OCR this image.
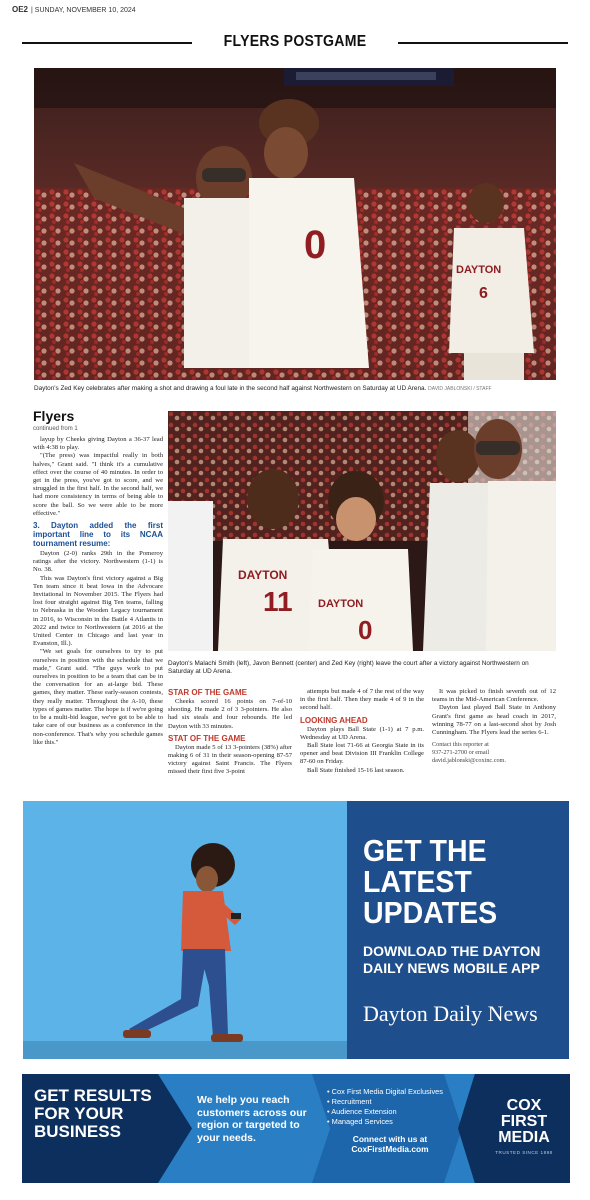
OE2 | SUNDAY, NOVEMBER 10, 2024
FLYERS POSTGAME
0
DAYTON
6
Dayton's Zed Key celebrates after making a shot and drawing a foul late in the second half against Northwestern on Saturday at UD Arena. DAVID JABLONSKI / STAFF
Flyers
continued from 1

layup by Cheeks giving Dayton a 36-37 lead with 4:38 to play.

"(The press) was impactful really in both halves," Grant said. "I think it's a cumulative effect over the course of 40 minutes. In order to get in the press, you've got to score, and we struggled in the first half. In the second half, we had more consistency in terms of being able to score the ball. So we were able to be more effective."

3. Dayton added the first important line to its NCAA tournament resume:

Dayton (2-0) ranks 29th in the Pomeroy ratings after the victory. Northwestern (1-1) is No. 38.

This was Dayton's first victory against a Big Ten team since it beat Iowa in the Advocare Invitational in November 2015. The Flyers had lost four straight against Big Ten teams, falling to Nebraska in the Wooden Legacy tournament in 2016, to Wisconsin in the Battle 4 Atlantis in 2022 and twice to Northwestern (at 2016 at the United Center in Chicago and last year in Evanston, Ill.).

"We set goals for ourselves to try to put ourselves in position with the schedule that we made," Grant said. "The guys work to put ourselves in position to be a team that can be in the conversation for an at-large bid. These games, they matter. These early-season contests, they really matter. Throughout the A-10, these types of games matter. The hope is if we're going to be a multi-bid league, we've got to be able to take care of our business as a conference in the non-conference. That's why you schedule games like this."

DAYTON
11 DAYTON
0
Dayton's Malachi Smith (left), Javon Bennett (center) and Zed Key (right) leave the court after a victory against Northwestern on Saturday at UD Arena.
STAR OF THE GAME

Cheeks scored 16 points on 7-of-10 shooting. He made 2 of 3 3-pointers. He also had six steals and four rebounds. He led Dayton with 33 minutes.

STAT OF THE GAME

Dayton made 5 of 13 3-pointers (38%) after making 6 of 31 in their season-opening 87-57 victory against Saint Francis. The Flyers missed their first five 3-point

attempts but made 4 of 7 the rest of the way in the first half. Then they made 4 of 9 in the second half.

LOOKING AHEAD

Dayton plays Ball State (1-1) at 7 p.m. Wednesday at UD Arena.

Ball State lost 71-66 at Georgia State in its opener and beat Division III Franklin College 87-60 on Friday.

Ball State finished 15-16 last season.

It was picked to finish seventh out of 12 teams in the Mid-American Conference.

Dayton last played Ball State in Anthony Grant's first game as head coach in 2017, winning 78-77 on a last-second shot by Josh Cunningham. The Flyers lead the series 6-1.

Contact this reporter at
937-271-2700 or email
david.jablonski@coxinc.com.
GET THE LATEST UPDATES
DOWNLOAD THE DAYTON DAILY NEWS MOBILE APP
Dayton Daily News
GET RESULTS FOR YOUR BUSINESS
We help you reach customers across our region or targeted to your needs.
• Cox First Media Digital Exclusives
• Recruitment
• Audience Extension
• Managed Services
Connect with us at
CoxFirstMedia.com
COX FIRST MEDIA
TRUSTED SINCE 1898
